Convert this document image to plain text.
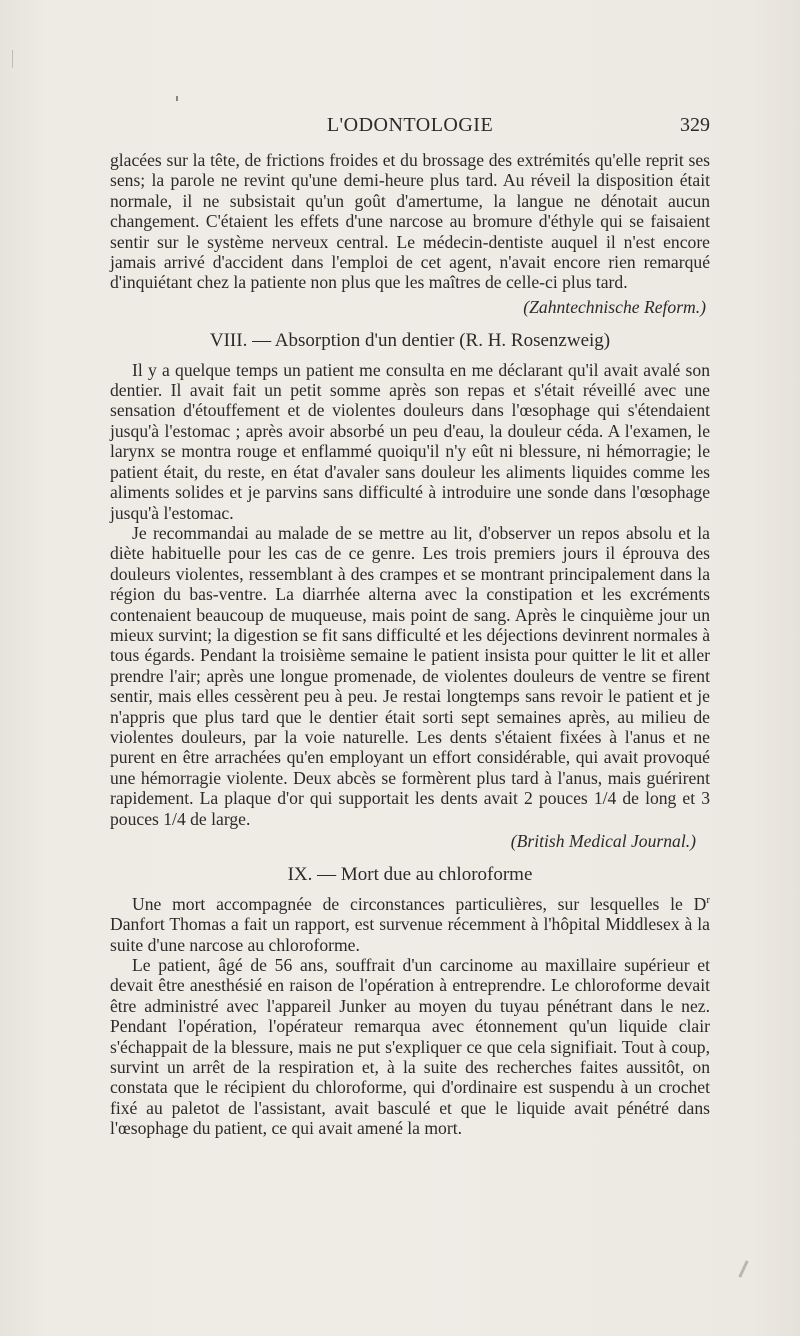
L'ODONTOLOGIE	329

glacées sur la tête, de frictions froides et du brossage des extrémités qu'elle reprit ses sens; la parole ne revint qu'une demi-heure plus tard. Au réveil la disposition était normale, il ne subsistait qu'un goût d'amertume, la langue ne dénotait aucun changement. C'étaient les effets d'une narcose au bromure d'éthyle qui se faisaient sentir sur le système nerveux central. Le médecin-dentiste auquel il n'est encore jamais arrivé d'accident dans l'emploi de cet agent, n'avait encore rien remarqué d'inquiétant chez la patiente non plus que les maîtres de celle-ci plus tard.

(Zahntechnische Reform.)

VIII. — Absorption d'un dentier (R. H. Rosenzweig)

Il y a quelque temps un patient me consulta en me déclarant qu'il avait avalé son dentier. Il avait fait un petit somme après son repas et s'était réveillé avec une sensation d'étouffement et de violentes douleurs dans l'œsophage qui s'étendaient jusqu'à l'estomac ; après avoir absorbé un peu d'eau, la douleur céda. A l'examen, le larynx se montra rouge et enflammé quoiqu'il n'y eût ni blessure, ni hémorragie; le patient était, du reste, en état d'avaler sans douleur les aliments liquides comme les aliments solides et je parvins sans difficulté à introduire une sonde dans l'œsophage jusqu'à l'estomac.

Je recommandai au malade de se mettre au lit, d'observer un repos absolu et la diète habituelle pour les cas de ce genre. Les trois premiers jours il éprouva des douleurs violentes, ressemblant à des crampes et se montrant principalement dans la région du bas-ventre. La diarrhée alterna avec la constipation et les excréments contenaient beaucoup de muqueuse, mais point de sang. Après le cinquième jour un mieux survint; la digestion se fit sans difficulté et les déjections devinrent normales à tous égards. Pendant la troisième semaine le patient insista pour quitter le lit et aller prendre l'air; après une longue promenade, de violentes douleurs de ventre se firent sentir, mais elles cessèrent peu à peu. Je restai longtemps sans revoir le patient et je n'appris que plus tard que le dentier était sorti sept semaines après, au milieu de violentes douleurs, par la voie naturelle. Les dents s'étaient fixées à l'anus et ne purent en être arrachées qu'en employant un effort considérable, qui avait provoqué une hémorragie violente. Deux abcès se formèrent plus tard à l'anus, mais guérirent rapidement. La plaque d'or qui supportait les dents avait 2 pouces 1/4 de long et 3 pouces 1/4 de large.

(British Medical Journal.)

IX. — Mort due au chloroforme

Une mort accompagnée de circonstances particulières, sur lesquelles le $D^r$ Danfort Thomas a fait un rapport, est survenue récemment à l'hôpital Middlesex à la suite d'une narcose au chloroforme.

Le patient, âgé de 56 ans, souffrait d'un carcinome au maxillaire supérieur et devait être anesthésié en raison de l'opération à entreprendre. Le chloroforme devait être administré avec l'appareil Junker au moyen du tuyau pénétrant dans le nez. Pendant l'opération, l'opérateur remarqua avec étonnement qu'un liquide clair s'échappait de la blessure, mais ne put s'expliquer ce que cela signifiait. Tout à coup, survint un arrêt de la respiration et, à la suite des recherches faites aussitôt, on constata que le récipient du chloroforme, qui d'ordinaire est suspendu à un crochet fixé au paletot de l'assistant, avait basculé et que le liquide avait pénétré dans l'œsophage du patient, ce qui avait amené la mort.
